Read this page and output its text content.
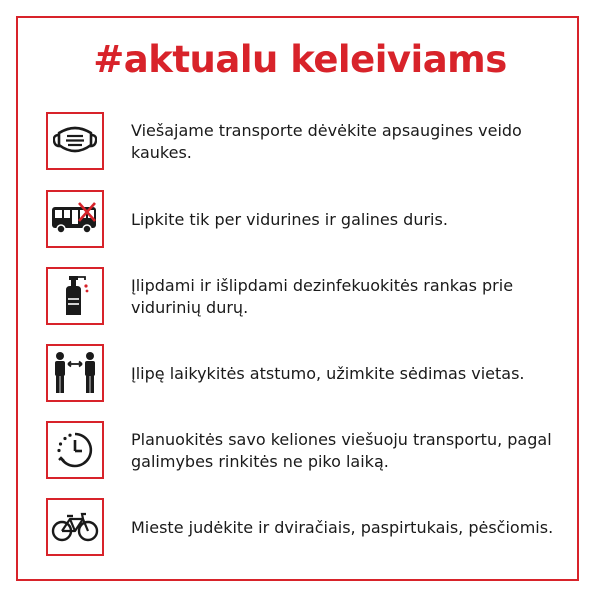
#aktualu keleiviams
Viešajame transporte dėvėkite apsaugines veido kaukes.
Lipkite tik per vidurines ir galines duris.
Įlipdami ir išlipdami dezinfekuokitės rankas prie vidurinių durų.
Įlipę laikykitės atstumo, užimkite sėdimas vietas.
Planuokitės savo keliones viešuoju transportu, pagal galimybes rinkitės ne piko laiką.
Mieste judėkite ir dviračiais, paspirtukais, pėsčiomis.
